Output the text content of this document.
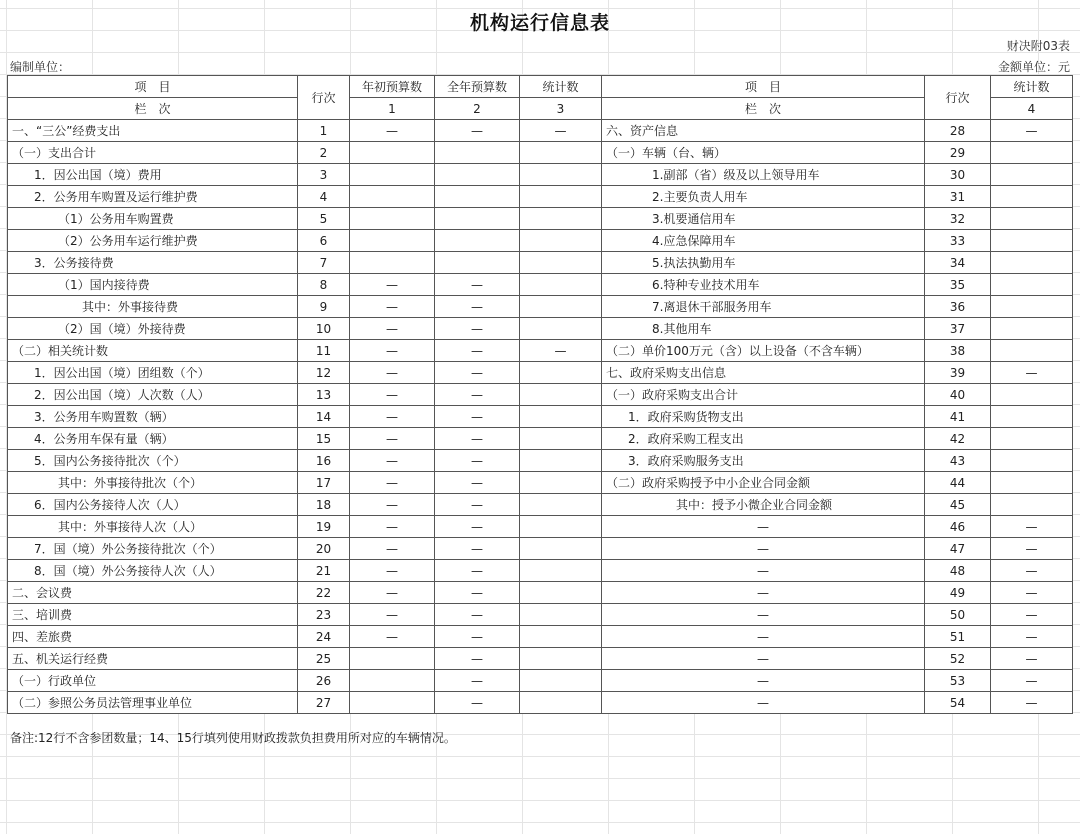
机构运行信息表
财决附03表
编制单位：	金额单位：元
项　目	行次	年初预算数	全年预算数	统计数	项　目	行次	统计数
栏　次		1	2	3	栏　次		4
一、“三公”经费支出	1	—	—	—	六、资产信息	28	—
（一）支出合计	2				（一）车辆（台、辆）	29	
1．因公出国（境）费用	3				1.副部（省）级及以上领导用车	30	
2．公务用车购置及运行维护费	4				2.主要负责人用车	31	
（1）公务用车购置费	5				3.机要通信用车	32	
（2）公务用车运行维护费	6				4.应急保障用车	33	
3．公务接待费	7				5.执法执勤用车	34	
（1）国内接待费	8	—	—		6.特种专业技术用车	35	
其中：外事接待费	9	—	—		7.离退休干部服务用车	36	
（2）国（境）外接待费	10	—	—		8.其他用车	37	
（二）相关统计数	11	—	—	—	（二）单价100万元（含）以上设备（不含车辆）	38	
1．因公出国（境）团组数（个）	12	—	—		七、政府采购支出信息	39	—
2．因公出国（境）人次数（人）	13	—	—		（一）政府采购支出合计	40	
3．公务用车购置数（辆）	14	—	—		1．政府采购货物支出	41	
4．公务用车保有量（辆）	15	—	—		2．政府采购工程支出	42	
5．国内公务接待批次（个）	16	—	—		3．政府采购服务支出	43	
其中：外事接待批次（个）	17	—	—		（二）政府采购授予中小企业合同金额	44	
6．国内公务接待人次（人）	18	—	—		其中：授予小微企业合同金额	45	
其中：外事接待人次（人）	19	—	—		—	46	—
7．国（境）外公务接待批次（个）	20	—	—		—	47	—
8．国（境）外公务接待人次（人）	21	—	—		—	48	—
二、会议费	22	—	—		—	49	—
三、培训费	23	—	—		—	50	—
四、差旅费	24	—	—		—	51	—
五、机关运行经费	25		—		—	52	—
（一）行政单位	26		—		—	53	—
（二）参照公务员法管理事业单位	27		—		—	54	—
备注:12行不含参团数量；14、15行填列使用财政拨款负担费用所对应的车辆情况。
